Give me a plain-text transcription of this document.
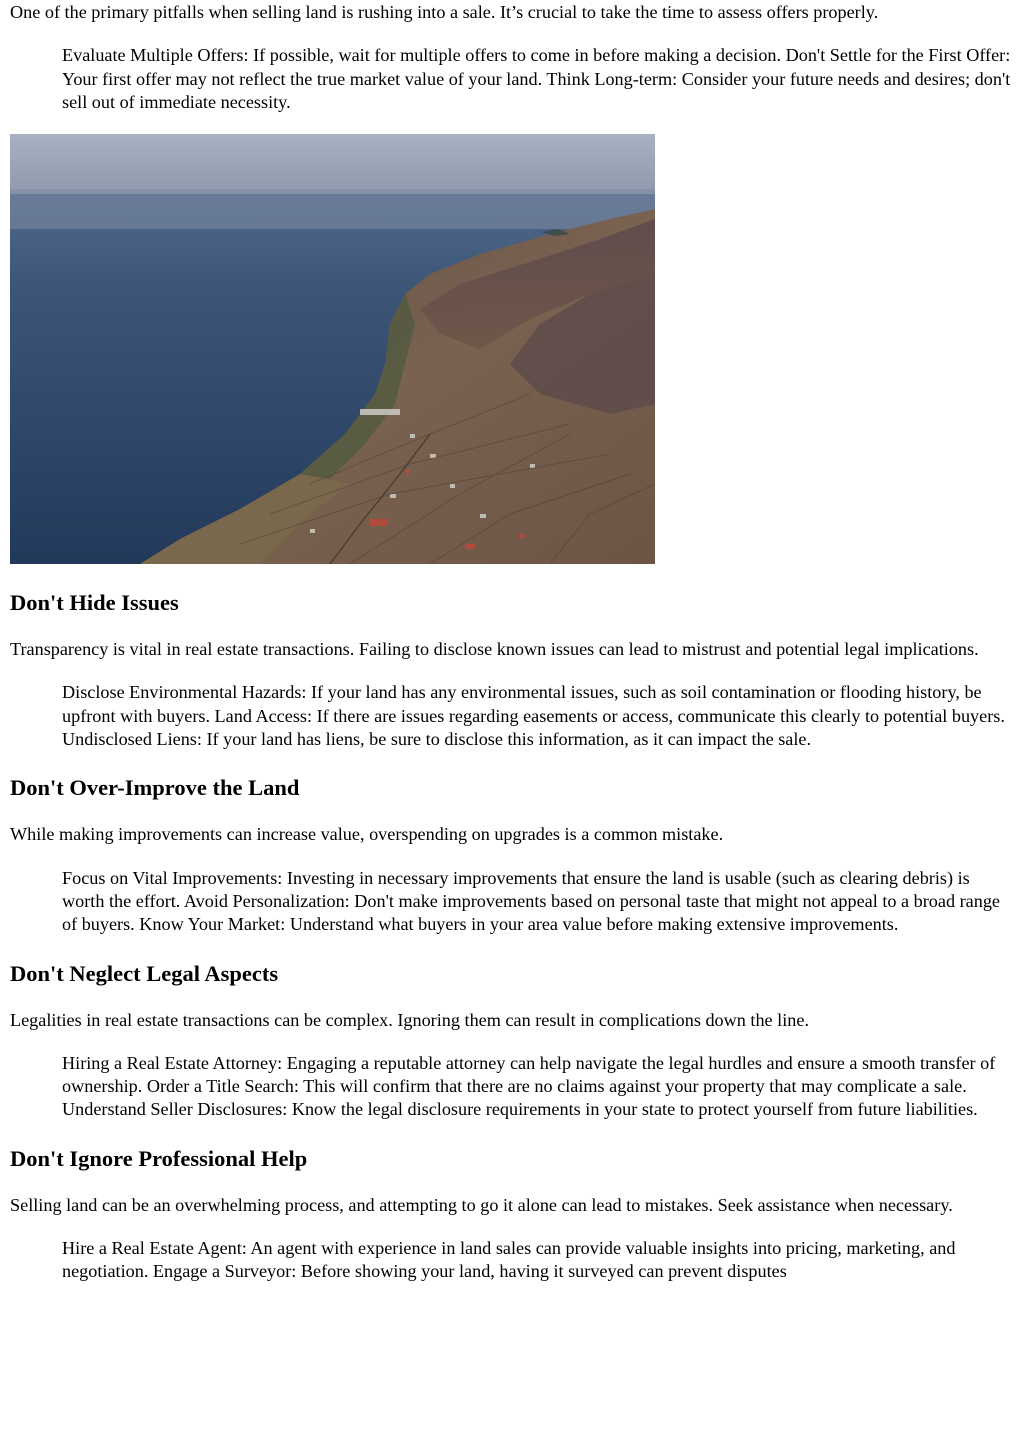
One of the primary pitfalls when selling land is rushing into a sale. It’s crucial to take the time to assess offers properly.

Evaluate Multiple Offers: If possible, wait for multiple offers to come in before making a decision. Don't Settle for the First Offer: Your first offer may not reflect the true market value of your land. Think Long-term: Consider your future needs and desires; don't sell out of immediate necessity.
Don't Hide Issues

Transparency is vital in real estate transactions. Failing to disclose known issues can lead to mistrust and potential legal implications.

Disclose Environmental Hazards: If your land has any environmental issues, such as soil contamination or flooding history, be upfront with buyers. Land Access: If there are issues regarding easements or access, communicate this clearly to potential buyers. Undisclosed Liens: If your land has liens, be sure to disclose this information, as it can impact the sale.
Don't Over-Improve the Land

While making improvements can increase value, overspending on upgrades is a common mistake.

Focus on Vital Improvements: Investing in necessary improvements that ensure the land is usable (such as clearing debris) is worth the effort. Avoid Personalization: Don't make improvements based on personal taste that might not appeal to a broad range of buyers. Know Your Market: Understand what buyers in your area value before making extensive improvements.
Don't Neglect Legal Aspects

Legalities in real estate transactions can be complex. Ignoring them can result in complications down the line.

Hiring a Real Estate Attorney: Engaging a reputable attorney can help navigate the legal hurdles and ensure a smooth transfer of ownership. Order a Title Search: This will confirm that there are no claims against your property that may complicate a sale. Understand Seller Disclosures: Know the legal disclosure requirements in your state to protect yourself from future liabilities.
Don't Ignore Professional Help

Selling land can be an overwhelming process, and attempting to go it alone can lead to mistakes. Seek assistance when necessary.

Hire a Real Estate Agent: An agent with experience in land sales can provide valuable insights into pricing, marketing, and negotiation. Engage a Surveyor: Before showing your land, having it surveyed can prevent disputes
